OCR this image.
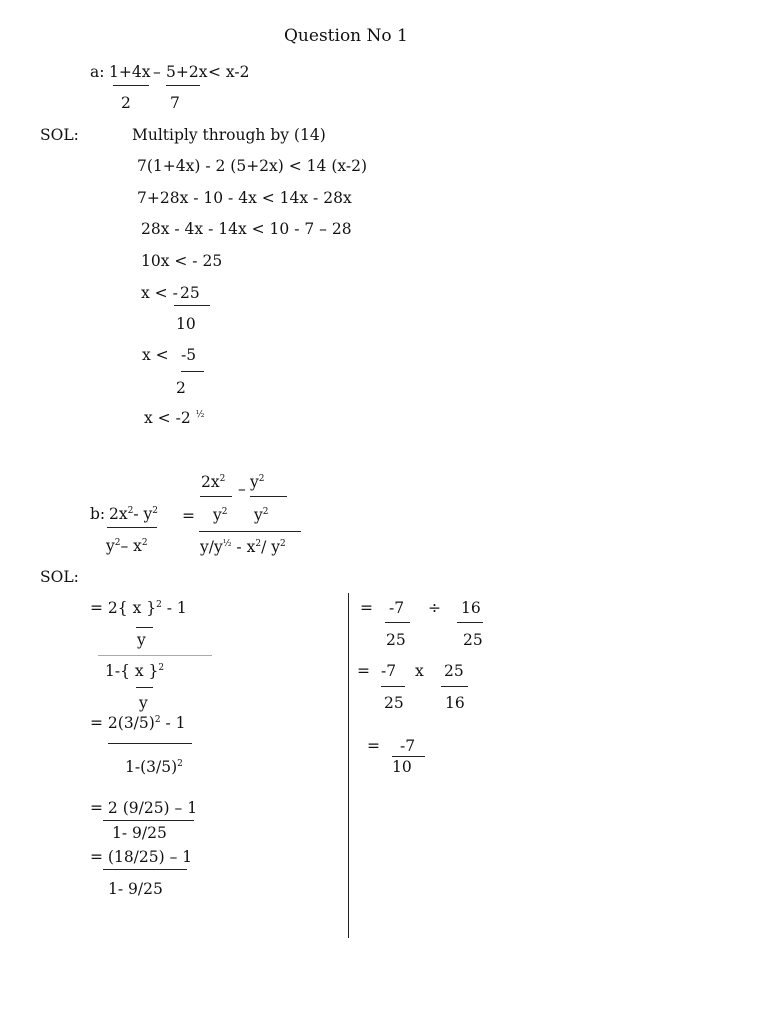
Question No 1
a: 1+4x – 5+2x < x-2
2	7
SOL:	Multiply through by (14)
7(1+4x) - 2 (5+2x) < 14 (x-2)
7+28x - 10 - 4x < 14x - 28x
28x - 4x - 14x < 10 - 7 – 28
10x < - 25
x < - 25
10
x < -5
2
x < -2 $^{\frac{1}{2}}$
b: $2x^2-$ $y^2$
$y^2-$ $x^2$
=
$2x^2$
– $y^2$
$y^2$ $y^2$
$y/y^{\frac{1}{2}} - x^2/$ $y^2$
SOL:
= 2{ x }$^2$ - 1
y
1-{ x }$^2$
y
= $2(3/5)^2 - 1$
$1-(3/5)^2$
= 2 (9/25) – 1
1- 9/25
= (18/25) – 1
1- 9/25
= -7 ÷ 16
25	25
= -7 x 25
25	16
= -7
10
